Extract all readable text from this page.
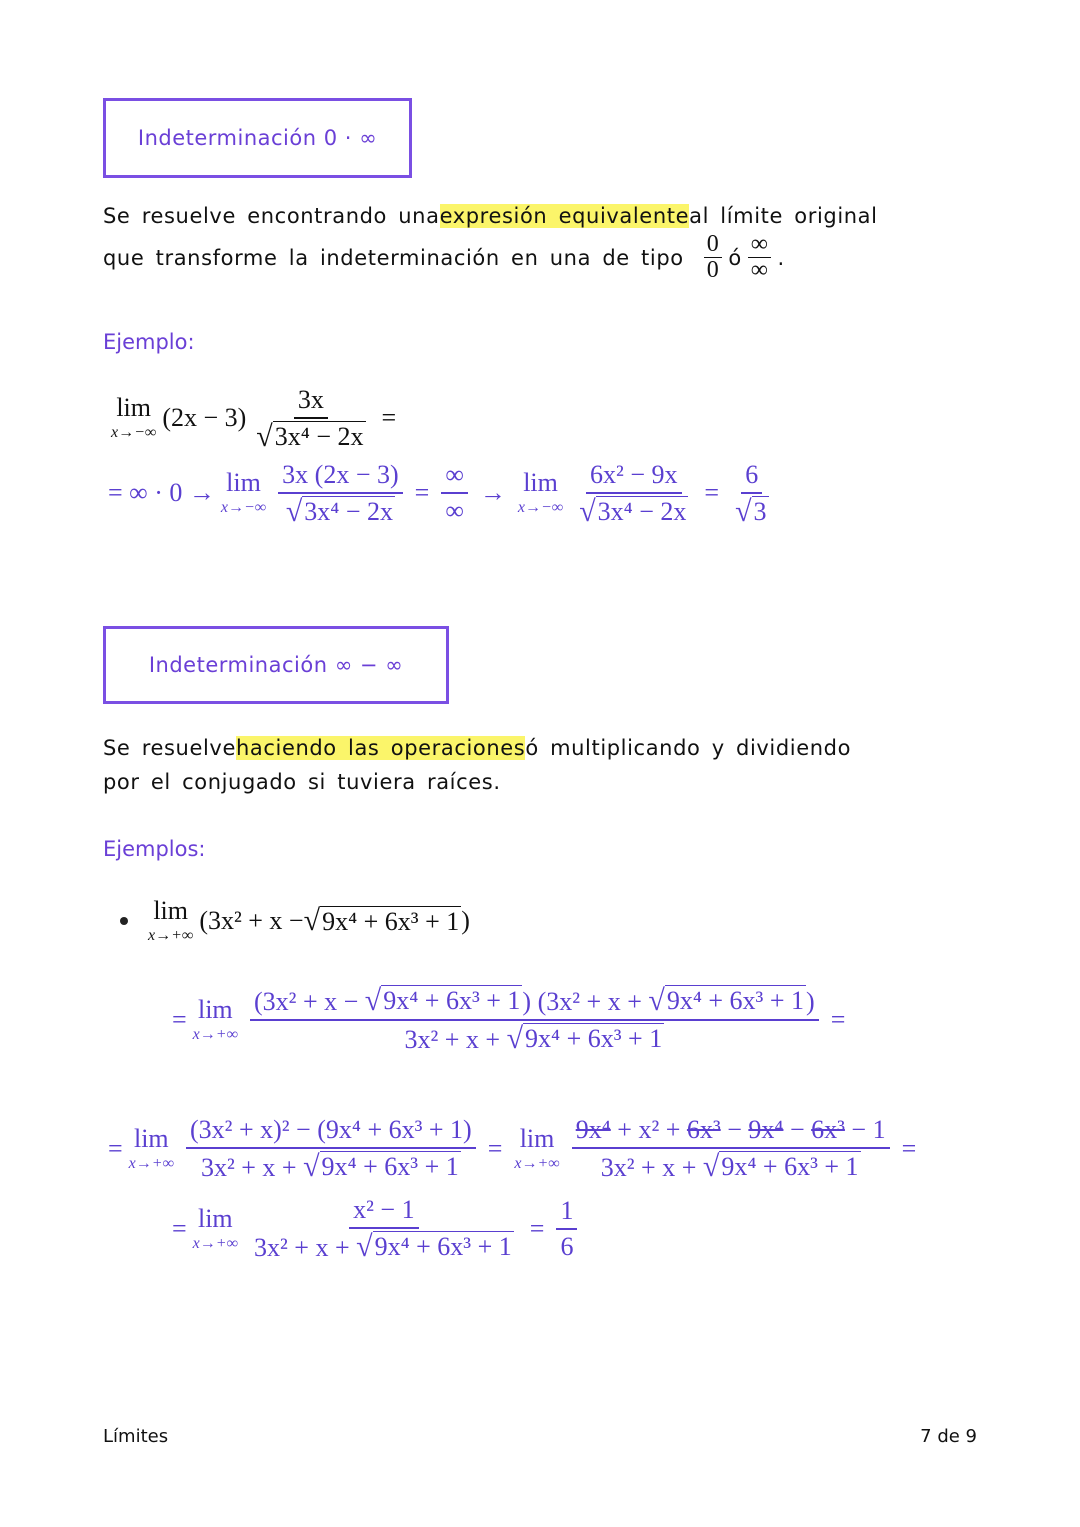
Indeterminación 0 · ∞
Se resuelve encontrando una expresión equivalente al límite original
que transforme la indeterminación en una de tipo $\frac{0}{0}$ ó
∞
∞ .
Ejemplo:
lim
x→−∞
$(2x - 3) \frac{3x}{\text{√ 3x⁴ − 2x}}$ =
= ∞ · 0 → lim
$x\to-\infty \frac{3x (2x - 3)}{\text{√ 3x⁴ − 2x}} = \frac{\infty}{\infty} \to \lim$
$x\to-\infty \frac{\text{6x² − 9x}}{\text{√ 3x⁴ − 2x}} = \frac{6}{√ 3}$
Indeterminación ∞ − ∞
Se resuelve haciendo las operaciones ó multiplicando y dividiendo
por el conjugado si tuviera raíces.
Ejemplos:
lim
x→+∞
(3x² + x − √ 9x⁴ + 6x³ + 1 )
= lim
$x\to+\infty \frac{\text{(3x² + x − √ 9x⁴ + 6x³ + 1 ) (3x² + x + √ 9x⁴ + 6x³ + 1 )}}{\text{3x² + x + √ 9x⁴ + 6x³ + 1}}$ =
= lim
$x\to+\infty \frac{\text{(3x² + x)² − (9x⁴ + 6x³ + 1)}}{\text{3x² + x + √ 9x⁴ + 6x³ + 1}} = \lim$
$x\to+\infty \frac{\text{9x⁴ + x² + 6x³ − 9x⁴ − 6x³ − 1}}{\text{3x² + x + √ 9x⁴ + 6x³ + 1}}$ =
= lim
$x\to+\infty \frac{\text{x² − 1}}{\text{3x² + x + √ 9x⁴ + 6x³ + 1}} = \frac{1}{6}$
Límites	7 de 9
